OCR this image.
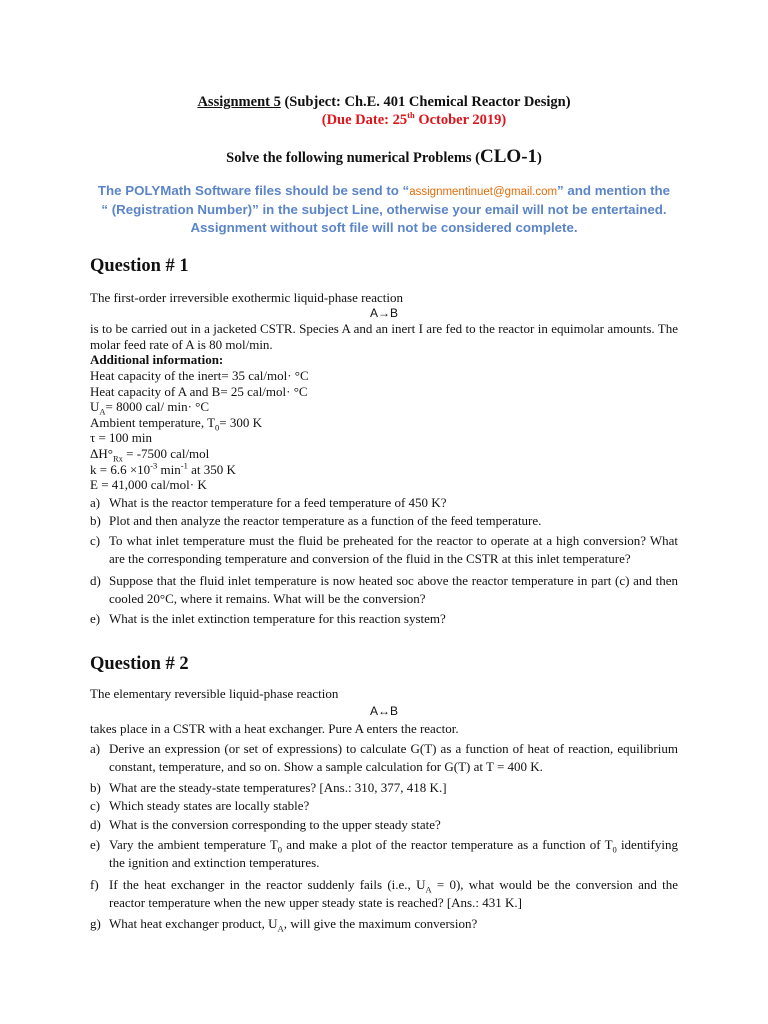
Assignment 5 (Subject: Ch.E. 401 Chemical Reactor Design)
(Due Date: 25th October 2019)
Solve the following numerical Problems (CLO-1)
The POLYMath Software files should be send to “assignmentinuet@gmail.com” and mention the “ (Registration Number)” in the subject Line, otherwise your email will not be entertained. Assignment without soft file will not be considered complete.
Question # 1
The first-order irreversible exothermic liquid-phase reaction
A→B
is to be carried out in a jacketed CSTR. Species A and an inert I are fed to the reactor in equimolar amounts. The molar feed rate of A is 80 mol/min.
Additional information:
Heat capacity of the inert= 35 cal/mol· °C
Heat capacity of A and B= 25 cal/mol· °C
$U_A= 8000$ cal/ min· °C
Ambient temperature, $T_0= 300$ K
τ = 100 min
$\Delta H^\circ_{Rx} = -7500$ cal/mol
$k = 6.6 \times 10^{-3}$ $\min^{-1}$ at 350 K
E = 41,000 cal/mol· K
a) What is the reactor temperature for a feed temperature of 450 K?
b) Plot and then analyze the reactor temperature as a function of the feed temperature.
c) To what inlet temperature must the fluid be preheated for the reactor to operate at a high conversion? What are the corresponding temperature and conversion of the fluid in the CSTR at this inlet temperature?
d) Suppose that the fluid inlet temperature is now heated soc above the reactor temperature in part (c) and then cooled 20°C, where it remains. What will be the conversion?
e) What is the inlet extinction temperature for this reaction system?
Question # 2
The elementary reversible liquid-phase reaction
A↔B
takes place in a CSTR with a heat exchanger. Pure A enters the reactor.
a) Derive an expression (or set of expressions) to calculate G(T) as a function of heat of reaction, equilibrium constant, temperature, and so on. Show a sample calculation for G(T) at T = 400 K.
b) What are the steady-state temperatures? [Ans.: 310, 377, 418 K.]
c) Which steady states are locally stable?
d) What is the conversion corresponding to the upper steady state?
e) Vary the ambient temperature $T_0$ and make a plot of the reactor temperature as a function of $T_0$ identifying the ignition and extinction temperatures.
f) If the heat exchanger in the reactor suddenly fails (i.e., $U_A = 0$), what would be the conversion and the reactor temperature when the new upper steady state is reached? [Ans.: 431 K.]
g) What heat exchanger product, $U_A$, will give the maximum conversion?
